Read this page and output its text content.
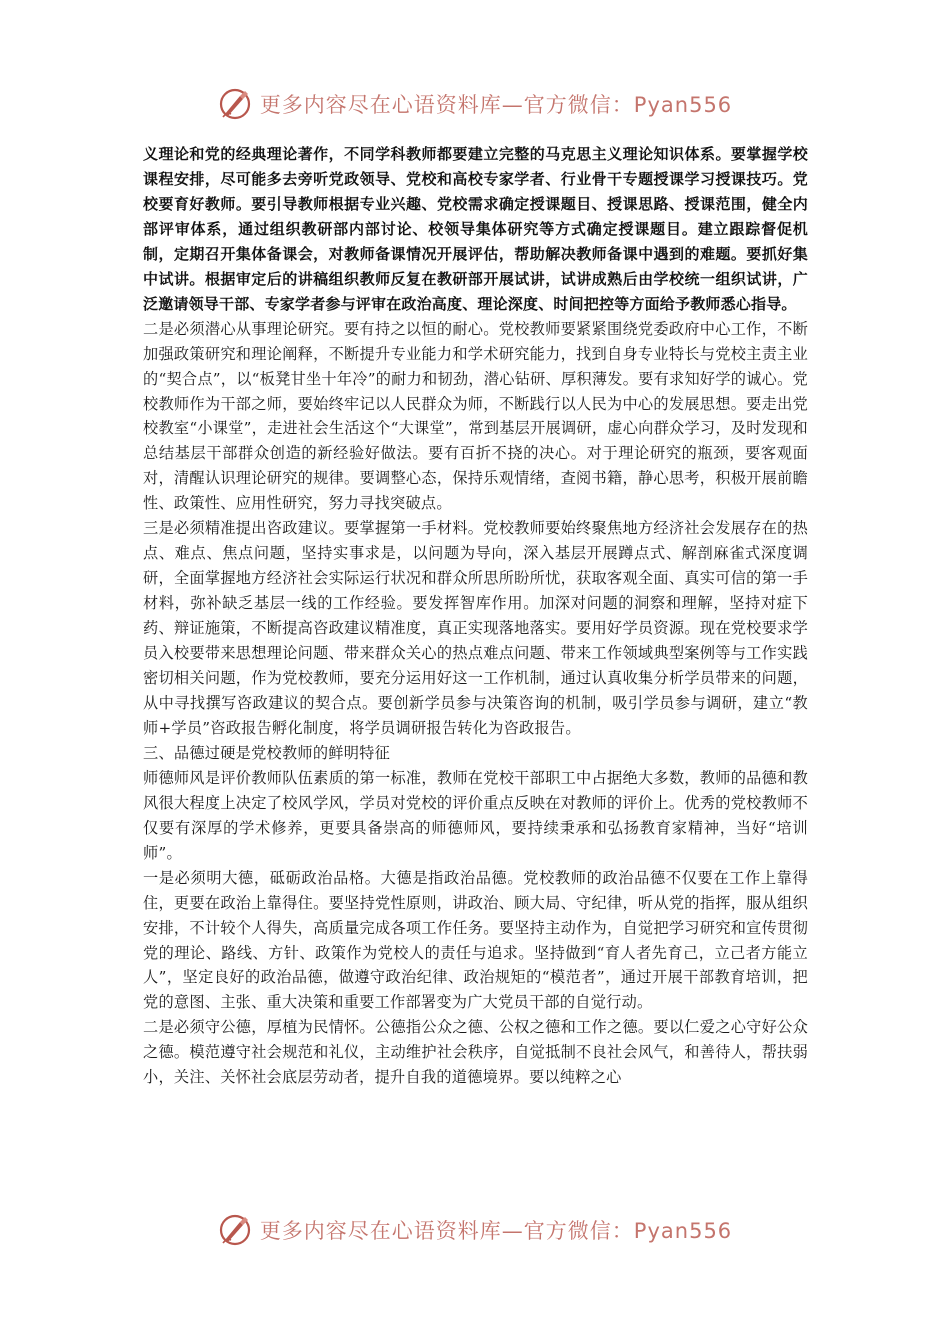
更多内容尽在心语资料库—官方微信：Pyan556

义理论和党的经典理论著作，不同学科教师都要建立完整的马克思主义理论知识体系。要掌握学校课程安排，尽可能多去旁听党政领导、党校和高校专家学者、行业骨干专题授课学习授课技巧。党校要育好教师。要引导教师根据专业兴趣、党校需求确定授课题目、授课思路、授课范围，健全内部评审体系，通过组织教研部内部讨论、校领导集体研究等方式确定授课题目。建立跟踪督促机制，定期召开集体备课会，对教师备课情况开展评估，帮助解决教师备课中遇到的难题。要抓好集中试讲。根据审定后的讲稿组织教师反复在教研部开展试讲，试讲成熟后由学校统一组织试讲，广泛邀请领导干部、专家学者参与评审在政治高度、理论深度、时间把控等方面给予教师悉心指导。

二是必须潜心从事理论研究。要有持之以恒的耐心。党校教师要紧紧围绕党委政府中心工作，不断加强政策研究和理论阐释，不断提升专业能力和学术研究能力，找到自身专业特长与党校主责主业的“契合点”，以“板凳甘坐十年冷”的耐力和韧劲，潜心钻研、厚积薄发。要有求知好学的诚心。党校教师作为干部之师，要始终牢记以人民群众为师，不断践行以人民为中心的发展思想。要走出党校教室“小课堂”，走进社会生活这个“大课堂”，常到基层开展调研，虚心向群众学习，及时发现和总结基层干部群众创造的新经验好做法。要有百折不挠的决心。对于理论研究的瓶颈，要客观面对，清醒认识理论研究的规律。要调整心态，保持乐观情绪，查阅书籍，静心思考，积极开展前瞻性、政策性、应用性研究，努力寻找突破点。

三是必须精准提出咨政建议。要掌握第一手材料。党校教师要始终聚焦地方经济社会发展存在的热点、难点、焦点问题，坚持实事求是，以问题为导向，深入基层开展蹲点式、解剖麻雀式深度调研，全面掌握地方经济社会实际运行状况和群众所思所盼所忧，获取客观全面、真实可信的第一手材料，弥补缺乏基层一线的工作经验。要发挥智库作用。加深对问题的洞察和理解，坚持对症下药、辩证施策，不断提高咨政建议精准度，真正实现落地落实。要用好学员资源。现在党校要求学员入校要带来思想理论问题、带来群众关心的热点难点问题、带来工作领域典型案例等与工作实践密切相关问题，作为党校教师，要充分运用好这一工作机制，通过认真收集分析学员带来的问题，从中寻找撰写咨政建议的契合点。要创新学员参与决策咨询的机制，吸引学员参与调研，建立“教师+学员”咨政报告孵化制度，将学员调研报告转化为咨政报告。

三、品德过硬是党校教师的鲜明特征

师德师风是评价教师队伍素质的第一标准，教师在党校干部职工中占据绝大多数，教师的品德和教风很大程度上决定了校风学风，学员对党校的评价重点反映在对教师的评价上。优秀的党校教师不仅要有深厚的学术修养，更要具备崇高的师德师风，要持续秉承和弘扬教育家精神，当好“培训师”。

一是必须明大德，砥砺政治品格。大德是指政治品德。党校教师的政治品德不仅要在工作上靠得住，更要在政治上靠得住。要坚持党性原则，讲政治、顾大局、守纪律，听从党的指挥，服从组织安排，不计较个人得失，高质量完成各项工作任务。要坚持主动作为，自觉把学习研究和宣传贯彻党的理论、路线、方针、政策作为党校人的责任与追求。坚持做到“育人者先育己，立己者方能立人”，坚定良好的政治品德，做遵守政治纪律、政治规矩的“模范者”，通过开展干部教育培训，把党的意图、主张、重大决策和重要工作部署变为广大党员干部的自觉行动。

二是必须守公德，厚植为民情怀。公德指公众之德、公权之德和工作之德。要以仁爱之心守好公众之德。模范遵守社会规范和礼仪，主动维护社会秩序，自觉抵制不良社会风气，和善待人，帮扶弱小，关注、关怀社会底层劳动者，提升自我的道德境界。要以纯粹之心

更多内容尽在心语资料库—官方微信：Pyan556
